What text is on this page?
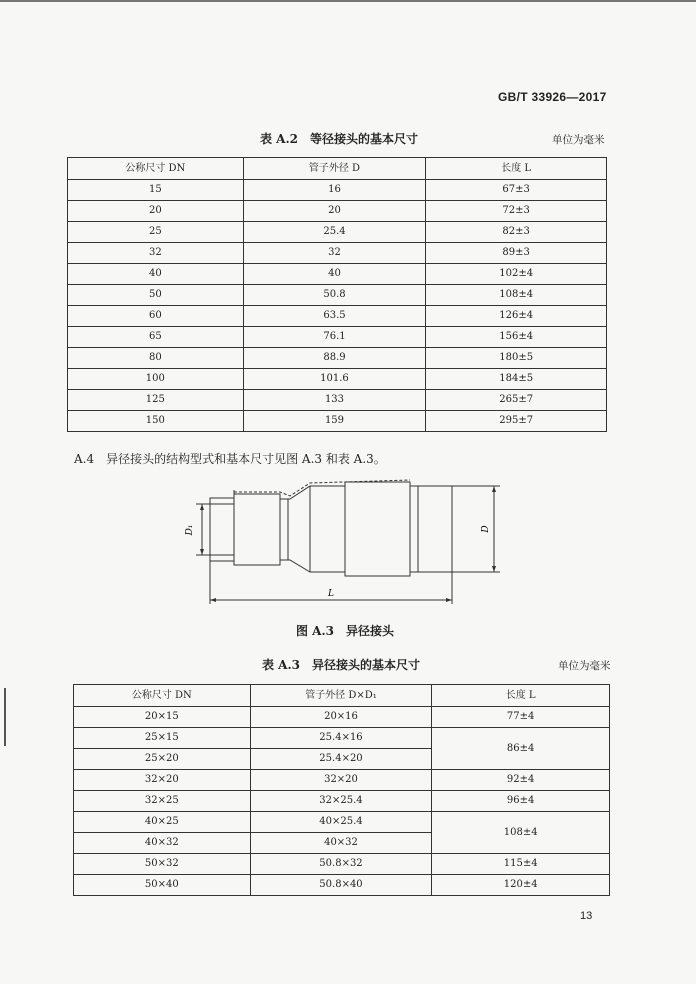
GB/T 33926—2017
表 A.2　等径接头的基本尺寸	单位为毫米
公称尺寸 DN	管子外径 D	长度 L
15	16	67±3
20	20	72±3
25	25.4	82±3
32	32	89±3
40	40	102±4
50	50.8	108±4
60	63.5	126±4
65	76.1	156±4
80	88.9	180±5
100	101.6	184±5
125	133	265±7
150	159	295±7
A.4　异径接头的结构型式和基本尺寸见图 A.3 和表 A.3。
D₁	D
L
图 A.3　异径接头
表 A.3　异径接头的基本尺寸	单位为毫米
公称尺寸 DN	管子外径 D×D₁	长度 L
20×15	20×16	77±4
25×15	25.4×16	86±4
25×20	25.4×20	
32×20	32×20	92±4
32×25	32×25.4	96±4
40×25	40×25.4	108±4
40×32	40×32	
50×32	50.8×32	115±4
50×40	50.8×40	120±4
13
